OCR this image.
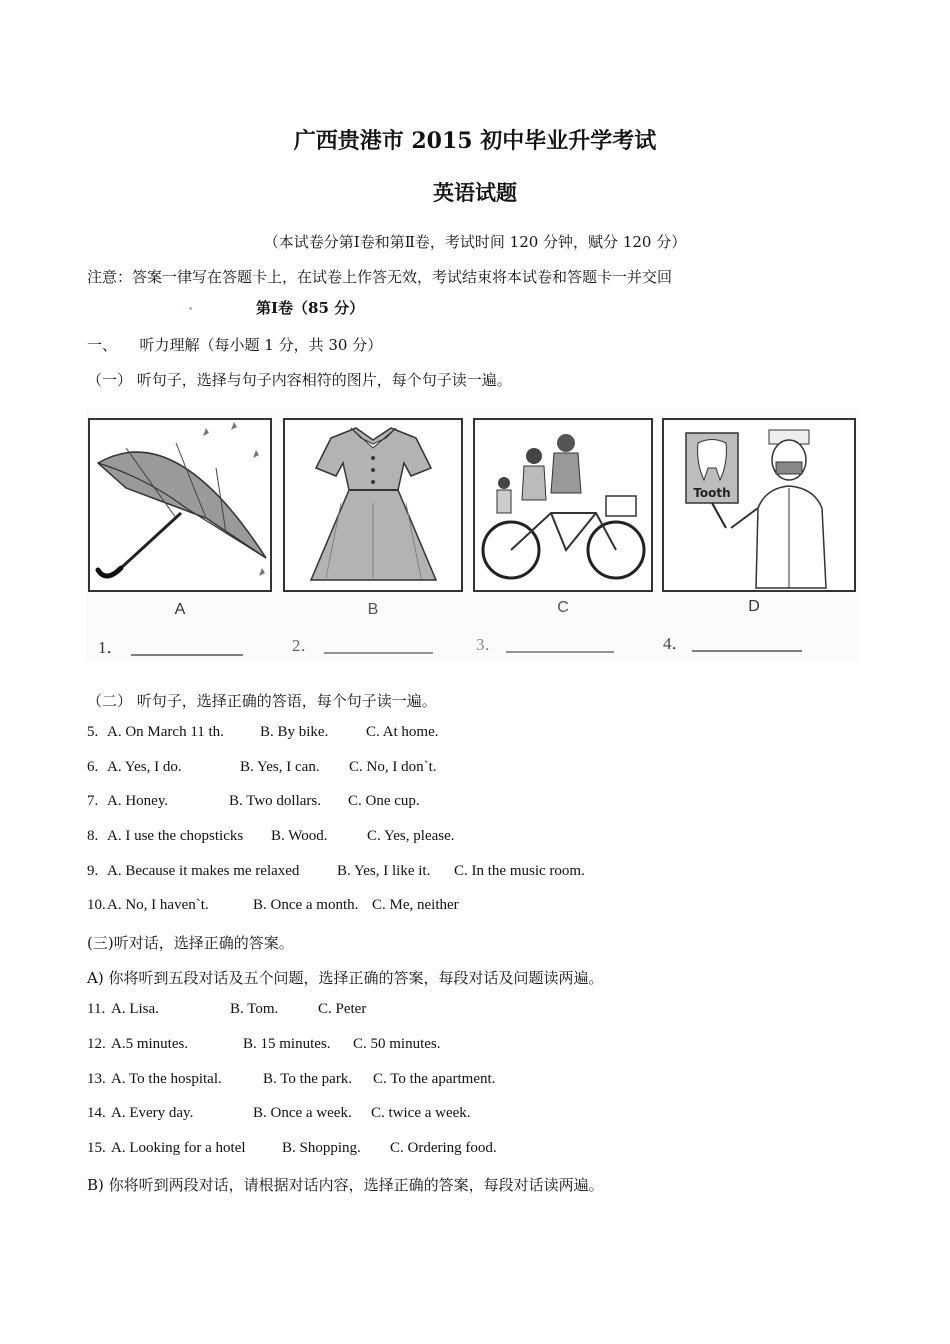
广西贵港市 2015 初中毕业升学考试
英语试题
（本试卷分第Ⅰ卷和第Ⅱ卷，考试时间 120 分钟，赋分 120 分）
注意：答案一律写在答题卡上，在试卷上作答无效，考试结束将本试卷和答题卡一并交回
第Ⅰ卷（85 分）
一、　　听力理解（每小题 1 分，共 30 分）
（一） 听句子，选择与句子内容相符的图片，每个句子读一遍。
Tooth
A	B	C	D
1．	2．	3．	4．
（二） 听句子，选择正确的答语，每个句子读一遍。
5. A. On March 11 th. B. By bike.	C. At home.
6. A. Yes, I do.	B. Yes, I can. C. No, I don`t.
7. A. Honey.	B. Two dollars. C. One cup.
8. A. I use the chopsticks B. Wood.	C. Yes, please.
9. A. Because it makes me relaxed	B. Yes, I like it. C. In the music room.
10.A. No, I haven`t.	B. Once a month. C. Me, neither
(三)听对话，选择正确的答案。
A) 你将听到五段对话及五个问题，选择正确的答案，每段对话及问题读两遍。
11. A. Lisa.	B. Tom.	C. Peter
12. A.5 minutes.	B. 15 minutes. C. 50 minutes.
13. A. To the hospital.	B. To the park. C. To the apartment.
14. A. Every day.	B. Once a week. C. twice a week.
15. A. Looking for a hotel B. Shopping. C. Ordering food.
B) 你将听到两段对话，请根据对话内容，选择正确的答案，每段对话读两遍。
